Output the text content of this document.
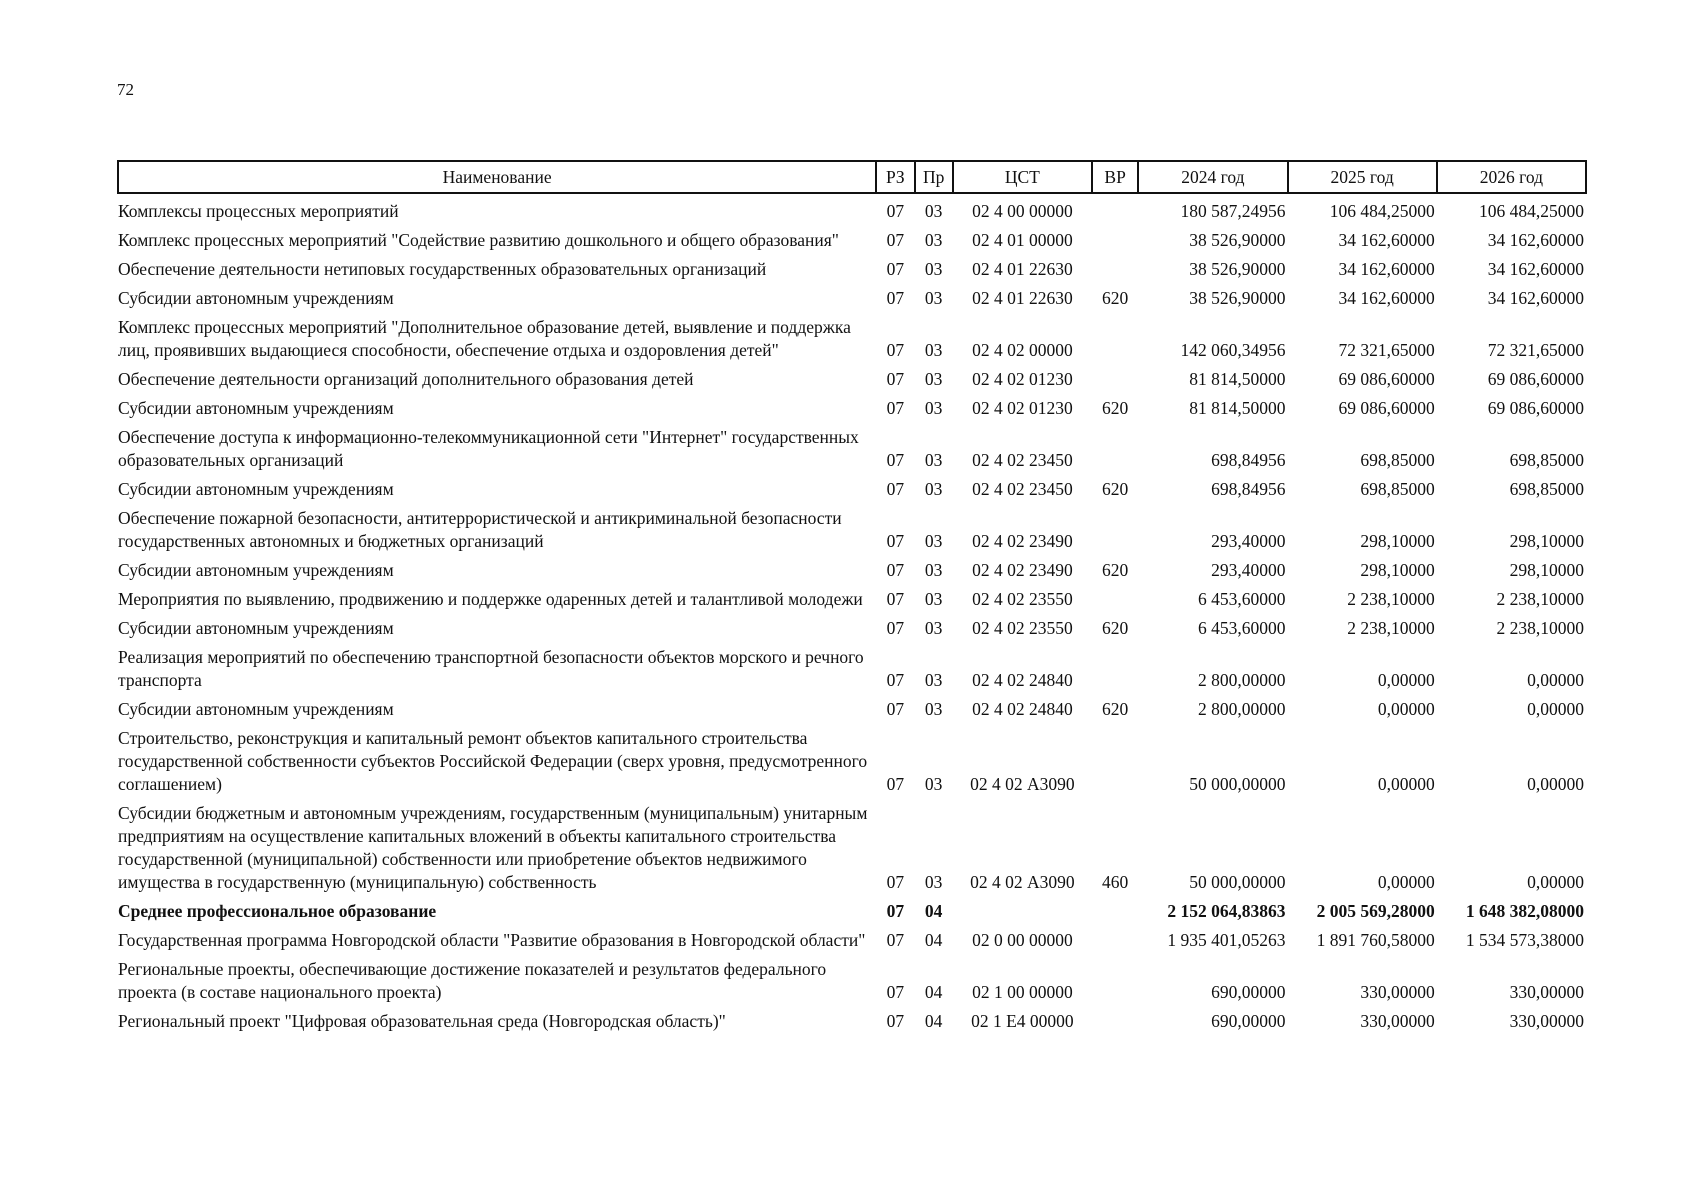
72
Наименование	РЗ	Пр	ЦСТ	ВР	2024 год	2025 год	2026 год
Комплексы процессных мероприятий	07	03	02 4 00 00000		180 587,24956	106 484,25000	106 484,25000
Комплекс процессных мероприятий "Содействие развитию дошкольного и общего образования"	07	03	02 4 01 00000		38 526,90000	34 162,60000	34 162,60000
Обеспечение деятельности нетиповых государственных образовательных организаций	07	03	02 4 01 22630		38 526,90000	34 162,60000	34 162,60000
Субсидии автономным учреждениям	07	03	02 4 01 22630	620	38 526,90000	34 162,60000	34 162,60000
Комплекс процессных мероприятий "Дополнительное образование детей, выявление и поддержка лиц, проявивших выдающиеся способности, обеспечение отдыха и оздоровления детей"	07	03	02 4 02 00000		142 060,34956	72 321,65000	72 321,65000
Обеспечение деятельности организаций дополнительного образования детей	07	03	02 4 02 01230		81 814,50000	69 086,60000	69 086,60000
Субсидии автономным учреждениям	07	03	02 4 02 01230	620	81 814,50000	69 086,60000	69 086,60000
Обеспечение доступа к информационно-телекоммуникационной сети "Интернет" государственных образовательных организаций	07	03	02 4 02 23450		698,84956	698,85000	698,85000
Субсидии автономным учреждениям	07	03	02 4 02 23450	620	698,84956	698,85000	698,85000
Обеспечение пожарной безопасности, антитеррористической и антикриминальной безопасности государственных автономных и бюджетных организаций	07	03	02 4 02 23490		293,40000	298,10000	298,10000
Субсидии автономным учреждениям	07	03	02 4 02 23490	620	293,40000	298,10000	298,10000
Мероприятия по выявлению, продвижению и поддержке одаренных детей и талантливой молодежи	07	03	02 4 02 23550		6 453,60000	2 238,10000	2 238,10000
Субсидии автономным учреждениям	07	03	02 4 02 23550	620	6 453,60000	2 238,10000	2 238,10000
Реализация мероприятий по обеспечению транспортной безопасности объектов морского и речного транспорта	07	03	02 4 02 24840		2 800,00000	0,00000	0,00000
Субсидии автономным учреждениям	07	03	02 4 02 24840	620	2 800,00000	0,00000	0,00000
Строительство, реконструкция и капитальный ремонт объектов капитального строительства государственной собственности субъектов Российской Федерации (сверх уровня, предусмотренного соглашением)	07	03	02 4 02 А3090		50 000,00000	0,00000	0,00000
Субсидии бюджетным и автономным учреждениям, государственным (муниципальным) унитарным предприятиям на осуществление капитальных вложений в объекты капитального строительства государственной (муниципальной) собственности или приобретение объектов недвижимого имущества в государственную (муниципальную) собственность	07	03	02 4 02 А3090	460	50 000,00000	0,00000	0,00000
Среднее профессиональное образование	07	04			2 152 064,83863	2 005 569,28000	1 648 382,08000
Государственная программа Новгородской области "Развитие образования в Новгородской области"	07	04	02 0 00 00000		1 935 401,05263	1 891 760,58000	1 534 573,38000
Региональные проекты, обеспечивающие достижение показателей и результатов федерального проекта (в составе национального проекта)	07	04	02 1 00 00000		690,00000	330,00000	330,00000
Региональный проект "Цифровая образовательная среда (Новгородская область)"	07	04	02 1 Е4 00000		690,00000	330,00000	330,00000
